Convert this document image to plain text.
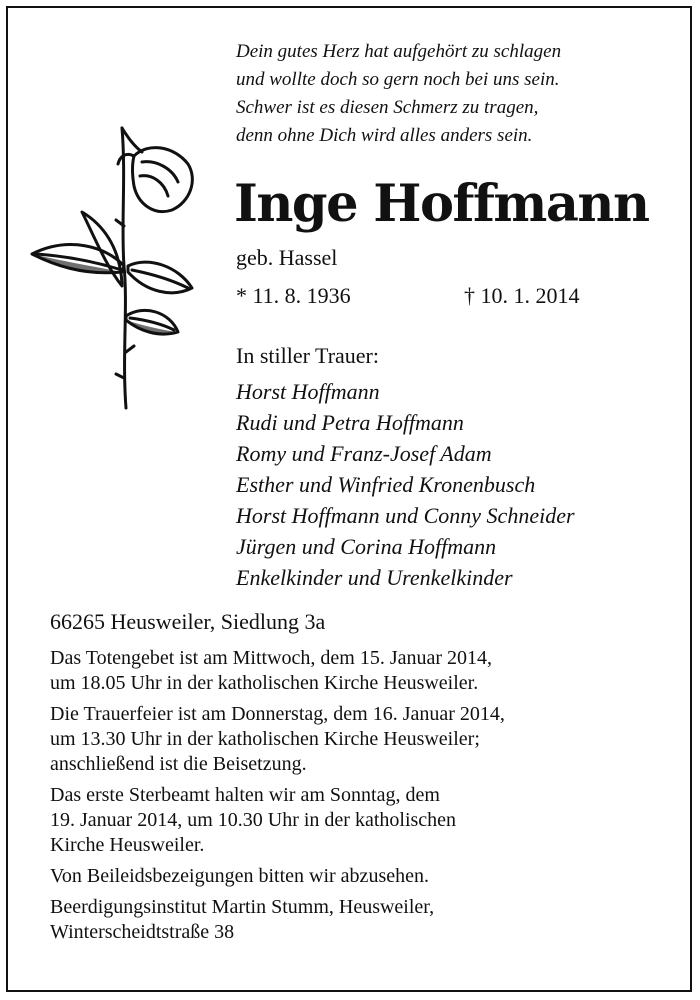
Dein gutes Herz hat aufgehört zu schlagen
und wollte doch so gern noch bei uns sein.
Schwer ist es diesen Schmerz zu tragen,
denn ohne Dich wird alles anders sein.
Inge Hoffmann
geb. Hassel
* 11. 8. 1936	† 10. 1. 2014
In stiller Trauer:
Horst Hoffmann
Rudi und Petra Hoffmann
Romy und Franz-Josef Adam
Esther und Winfried Kronenbusch
Horst Hoffmann und Conny Schneider
Jürgen und Corina Hoffmann
Enkelkinder und Urenkelkinder
66265 Heusweiler, Siedlung 3a
Das Totengebet ist am Mittwoch, dem 15. Januar 2014,
um 18.05 Uhr in der katholischen Kirche Heusweiler.
Die Trauerfeier ist am Donnerstag, dem 16. Januar 2014,
um 13.30 Uhr in der katholischen Kirche Heusweiler;
anschließend ist die Beisetzung.
Das erste Sterbeamt halten wir am Sonntag, dem
19. Januar 2014, um 10.30 Uhr in der katholischen
Kirche Heusweiler.
Von Beileidsbezeigungen bitten wir abzusehen.
Beerdigungsinstitut Martin Stumm, Heusweiler,
Winterscheidtstraße 38
